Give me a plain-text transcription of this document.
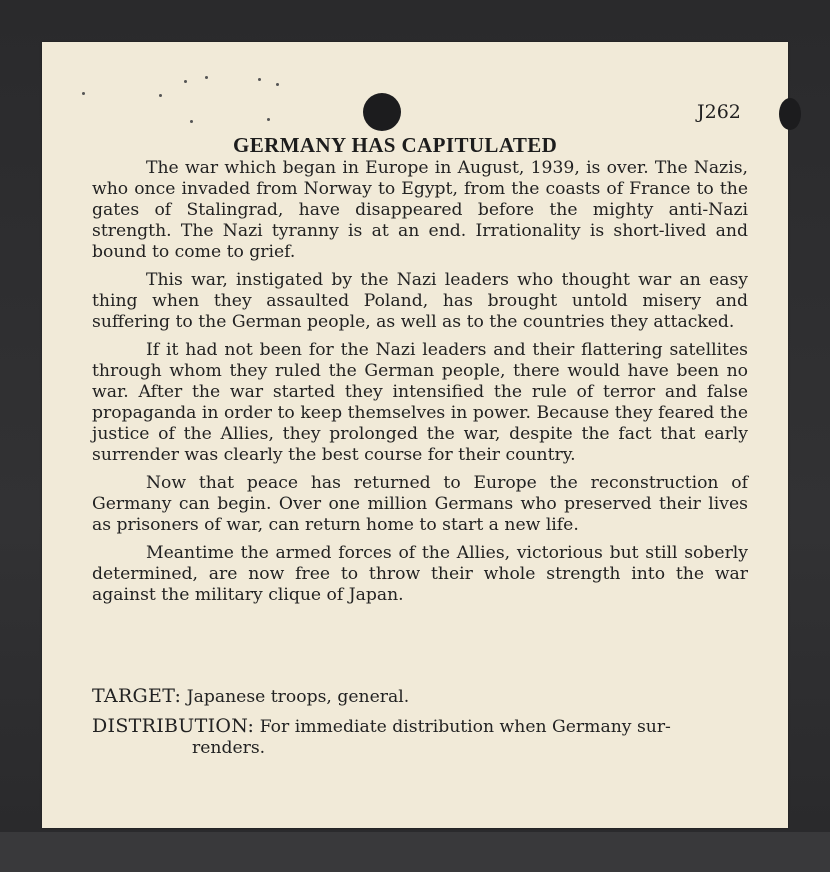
J262
GERMANY HAS CAPITULATED

The war which began in Europe in August, 1939, is over. The Nazis, who once invaded from Norway to Egypt, from the coasts of France to the gates of Stalingrad, have disappeared before the mighty anti-Nazi strength. The Nazi tyranny is at an end. Irrationality is short-lived and bound to come to grief.

This war, instigated by the Nazi leaders who thought war an easy thing when they assaulted Poland, has brought untold misery and suffering to the German people, as well as to the countries they attacked.

If it had not been for the Nazi leaders and their flattering satellites through whom they ruled the German people, there would have been no war. After the war started they intensified the rule of terror and false propaganda in order to keep themselves in power. Because they feared the justice of the Allies, they prolonged the war, despite the fact that early surrender was clearly the best course for their country.

Now that peace has returned to Europe the reconstruction of Germany can begin. Over one million Germans who preserved their lives as prisoners of war, can return home to start a new life.

Meantime the armed forces of the Allies, victorious but still soberly determined, are now free to throw their whole strength into the war against the military clique of Japan.

TARGET: Japanese troops, general.
DISTRIBUTION: For immediate distribution when Germany sur-
renders.
